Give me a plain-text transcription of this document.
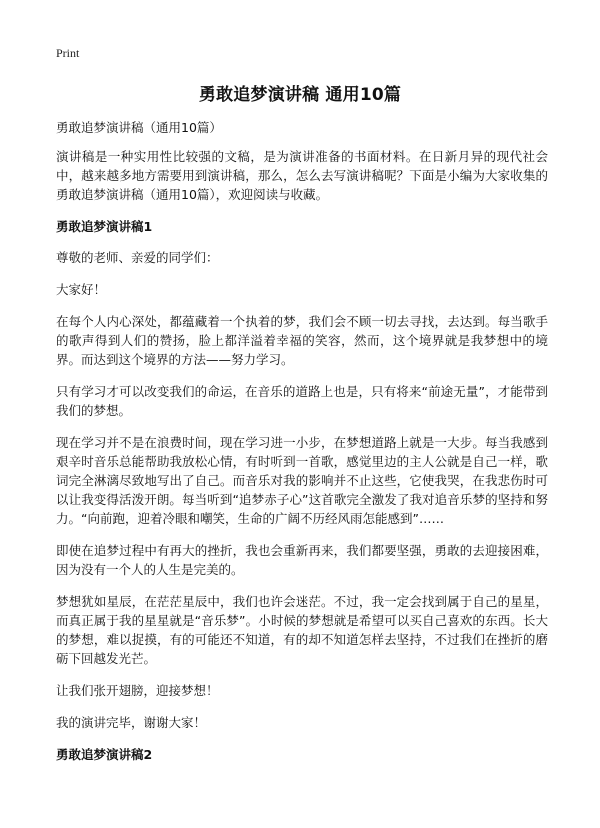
Print
勇敢追梦演讲稿 通用10篇

勇敢追梦演讲稿（通用10篇）

演讲稿是一种实用性比较强的文稿，是为演讲准备的书面材料。在日新月异的现代社会中，越来越多地方需要用到演讲稿，那么，怎么去写演讲稿呢？下面是小编为大家收集的勇敢追梦演讲稿（通用10篇），欢迎阅读与收藏。

勇敢追梦演讲稿1

尊敬的老师、亲爱的同学们：

大家好！

在每个人内心深处，都蕴藏着一个执着的梦，我们会不顾一切去寻找，去达到。每当歌手的歌声得到人们的赞扬，脸上都洋溢着幸福的笑容，然而，这个境界就是我梦想中的境界。而达到这个境界的方法——努力学习。

只有学习才可以改变我们的命运，在音乐的道路上也是，只有将来“前途无量”，才能带到我们的梦想。

现在学习并不是在浪费时间，现在学习进一小步，在梦想道路上就是一大步。每当我感到艰辛时音乐总能帮助我放松心情，有时听到一首歌，感觉里边的主人公就是自己一样，歌词完全淋漓尽致地写出了自己。而音乐对我的影响并不止这些，它使我哭，在我悲伤时可以让我变得活泼开朗。每当听到“追梦赤子心”这首歌完全激发了我对追音乐梦的坚持和努力。“向前跑，迎着冷眼和嘲笑，生命的广阔不历经风雨怎能感到”……

即使在追梦过程中有再大的挫折，我也会重新再来，我们都要坚强，勇敢的去迎接困难，因为没有一个人的人生是完美的。

梦想犹如星辰，在茫茫星辰中，我们也许会迷茫。不过，我一定会找到属于自己的星星，而真正属于我的星星就是“音乐梦”。小时候的梦想就是希望可以买自己喜欢的东西。长大的梦想，难以捉摸，有的可能还不知道，有的却不知道怎样去坚持，不过我们在挫折的磨砺下回越发光芒。

让我们张开翅膀，迎接梦想！

我的演讲完毕，谢谢大家！

勇敢追梦演讲稿2
